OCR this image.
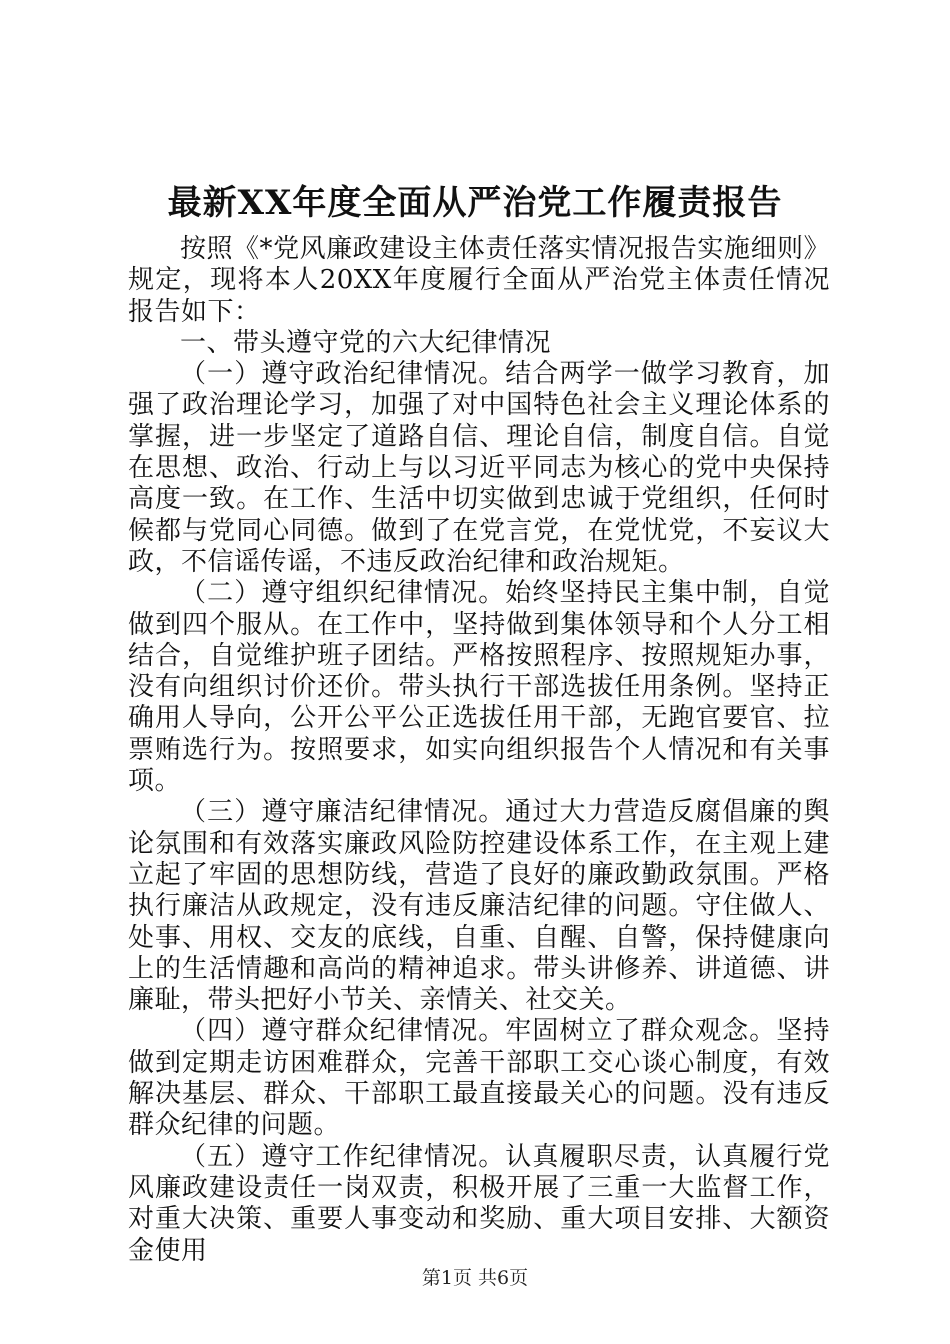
最新XX年度全面从严治党工作履责报告

按照《*党风廉政建设主体责任落实情况报告实施细则》规定，现将本人20XX年度履行全面从严治党主体责任情况报告如下：

一、带头遵守党的六大纪律情况

（一）遵守政治纪律情况。结合两学一做学习教育，加强了政治理论学习，加强了对中国特色社会主义理论体系的掌握，进一步坚定了道路自信、理论自信，制度自信。自觉在思想、政治、行动上与以习近平同志为核心的党中央保持高度一致。在工作、生活中切实做到忠诚于党组织，任何时候都与党同心同德。做到了在党言党，在党忧党，不妄议大政，不信谣传谣，不违反政治纪律和政治规矩。

（二）遵守组织纪律情况。始终坚持民主集中制，自觉做到四个服从。在工作中，坚持做到集体领导和个人分工相结合，自觉维护班子团结。严格按照程序、按照规矩办事，没有向组织讨价还价。带头执行干部选拔任用条例。坚持正确用人导向，公开公平公正选拔任用干部，无跑官要官、拉票贿选行为。按照要求，如实向组织报告个人情况和有关事项。

（三）遵守廉洁纪律情况。通过大力营造反腐倡廉的舆论氛围和有效落实廉政风险防控建设体系工作，在主观上建立起了牢固的思想防线，营造了良好的廉政勤政氛围。严格执行廉洁从政规定，没有违反廉洁纪律的问题。守住做人、处事、用权、交友的底线，自重、自醒、自警，保持健康向上的生活情趣和高尚的精神追求。带头讲修养、讲道德、讲廉耻，带头把好小节关、亲情关、社交关。

（四）遵守群众纪律情况。牢固树立了群众观念。坚持做到定期走访困难群众，完善干部职工交心谈心制度，有效解决基层、群众、干部职工最直接最关心的问题。没有违反群众纪律的问题。

（五）遵守工作纪律情况。认真履职尽责，认真履行党风廉政建设责任一岗双责，积极开展了三重一大监督工作，对重大决策、重要人事变动和奖励、重大项目安排、大额资金使用

第1页 共6页
